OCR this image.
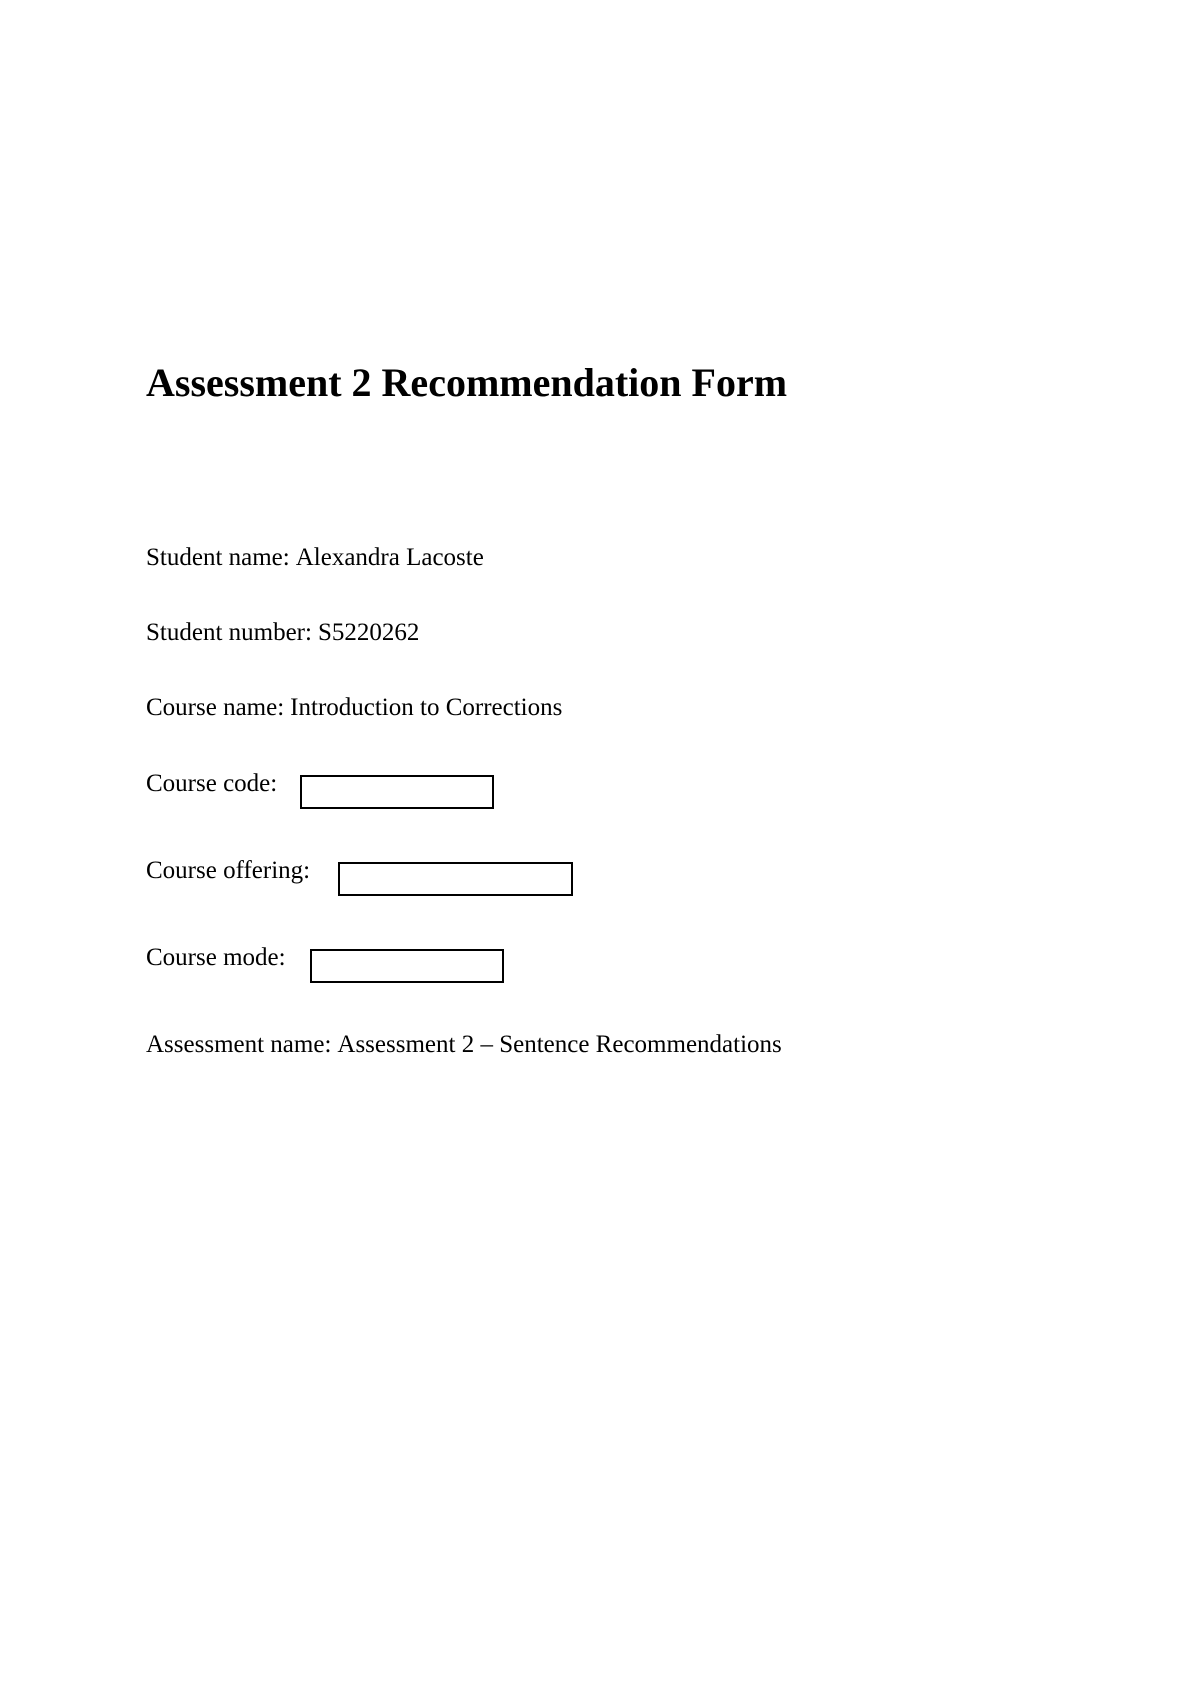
Assessment 2 Recommendation Form
Student name: Alexandra Lacoste
Student number: S5220262
Course name: Introduction to Corrections
Course code:
Course offering:
Course mode:
Assessment name: Assessment 2 – Sentence Recommendations
